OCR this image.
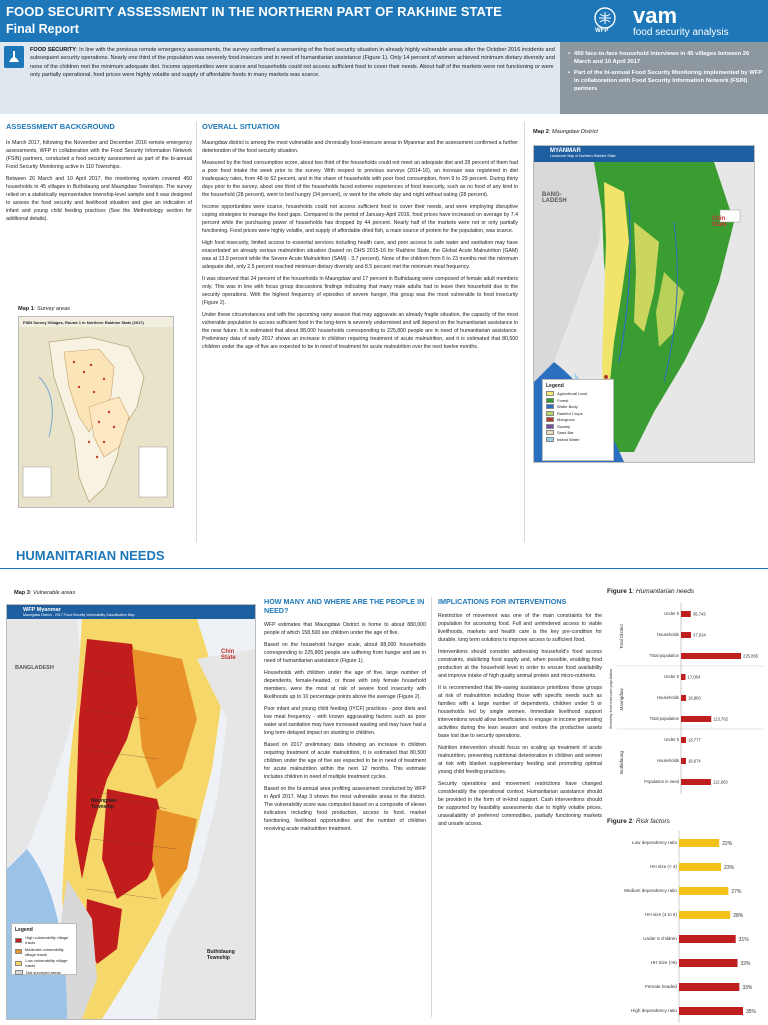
FOOD SECURITY ASSESSMENT IN THE NORTHERN PART OF RAKHINE STATE
Final Report	WFP
vam
food security analysis

FOOD SECURITY: In line with the previous remote emergency assessments, the survey confirmed a worsening of the food security situation in already highly vulnerable areas after the October 2016 incidents and subsequent security operations. Nearly one third of the population was severely food-insecure and in need of humanitarian assistance (Figure 1). Only 14 percent of women achieved minimum dietary diversity and none of the children met the minimum adequate diet. Income opportunities were scarce and households could not access sufficient food to cover their needs. About half of the markets were not functioning or were only partially operational, food prices were highly volatile and supply of affordable foods in many markets was scarce.

• 450 face-to-face household interviews in 45 villages between 26 March and 10 April 2017
• Part of the bi-annual Food Security Monitoring implemented by WFP in collaboration with Food Security Information Network (FSIN) partners
ASSESSMENT BACKGROUND

In March 2017, following the November and December 2016 remote emergency assessments, WFP in collaboration with the Food Security Information Network (FSIN) partners, conducted a food security assessment as part of the bi-annual Food Security Monitoring active in 110 Townships.

Between 26 March and 10 April 2017, the monitoring system covered 450 households in 45 villages in Buthidaung and Maungdaw Townships. The survey relied on a statistically representative township-level sample and it was designed to assess the food security and livelihood situation and give an indication of infant and young child feeding practices (See the Methodology section for additional details).

Map 1: Survey areas
FSIN Survey Villages, Round 1 in Northern Rakhine State (2017)
OVERALL SITUATION

Maungdaw district is among the most vulnerable and chronically food-insecure areas in Myanmar and the assessment confirmed a further deterioration of the food security situation.

Measured by the food consumption score, about two third of the households could not meet an adequate diet and 28 percent of them had a poor food intake the week prior to the survey. With respect to previous surveys (2014-16), an increase was registered in diet inadequacy rates, from 48 to 62 percent, and in the share of households with poor food consumption, from 9 to 29 percent. During thirty days prior to the survey, about one third of the households faced extreme experiences of food insecurity, such as no food of any kind in the household (28 percent), went to bed hungry (34 percent), or went for the whole day and night without eating (28 percent).

Income opportunities were scarce, households could not access sufficient food to cover their needs, and were employing disruptive coping strategies to manage the food gaps. Compared to the period of January-April 2016, food prices have increased on average by 7.4 percent while the purchasing power of households has dropped by 44 percent. Nearly half of the markets were not or only partially functioning. Food prices were highly volatile, and supply of affordable dried fish, a main source of protein for the population, was scarce.

High food insecurity, limited access to essential services including health care, and poor access to safe water and sanitation may have exacerbated an already serious malnutrition situation (based on DHS 2015-16 for Rakhine State, the Global Acute Malnutrition (GAM) was at 13.9 percent while the Severe Acute Malnutrition (SAM) - 3.7 percent). None of the children from 6 to 23 months met the minimum adequate diet, only 2.5 percent reached minimum dietary diversity and 8.5 percent met the minimum meal frequency.

It was observed that 24 percent of the households in Maungdaw and 17 percent in Buthidaung were composed of female adult members only. This was in line with focus group discussions findings indicating that many male adults had to leave their household due to the security operations. With the highest frequency of episodes of severe hunger, this group was the most vulnerable to food insecurity (Figure 2).

Under these circumstances and with the upcoming rainy season that may aggravate an already fragile situation, the capacity of the most vulnerable population to access sufficient food in the long-term is severely undermined and will depend on the humanitarian assistance in the near future. It is estimated that about 88,000 households corresponding to 225,800 people are in need of humanitarian assistance. Preliminary data of early 2017 shows an increase in children requiring treatment of acute malnutrition, and it is estimated that 80,500 children under the age of five are expected to be in need of treatment for acute malnutrition over the next twelve months.

Map 2: Maungdaw District
MYANMAR
Landcover Map of Northern Rakhine State
BANG-
LADESH
Chin
State
Legend
Agricultural Land
Forest
Water Body
Rainfed Crops
Mangrove
Swamp
Sand Bar
Inland Water
HUMANITARIAN NEEDS
Map 3: Vulnerable areas
WFP Myanmar
Maungdaw District - 2017 Food Security Vulnerability Classification Map
BANGLADESH
Chin
State
Maungdaw
Township
Buthidaung
Township
Legend
High vulnerability village tracts
Moderate vulnerability village tracts
Low vulnerability village tracts
Not surveyed areas
HOW MANY AND WHERE ARE THE PEOPLE IN NEED?

WFP estimates that Maungdaw District is home to about 880,000 people of which 158,500 are children under the age of five.

Based on the household hunger scale, about 88,000 households corresponding to 225,800 people are suffering from hunger and are in need of humanitarian assistance (Figure 1).

Households with children under the age of five, large number of dependents, female-headed, or those with only female household members, were the most at risk of severe food insecurity with likelihoods up to 10 percentage points above the average (Figure 2).

Poor infant and young child feeding (IYCF) practices - poor diets and low meal frequency - with known aggravating factors such as poor water and sanitation may have increased wasting and may have had a long term delayed impact on stunting in children.

Based on 2017 preliminary data showing an increase in children requiring treatment of acute malnutrition, it is estimated that 80,500 children under the age of five are expected to be in need of treatment for acute malnutrition within the next 12 months. This estimate includes children in need of multiple treatment cycles.

Based on the bi-annual area profiling assessment conducted by WFP in April 2017, Map 3 shows the most vulnerable areas in the district. The vulnerability score was computed based on a composite of eleven indicators including food production, access to food, market functioning, livelihood opportunities and the number of children receiving acute malnutrition treatment.

IMPLICATIONS FOR INTERVENTIONS

Restriction of movement was one of the main constraints for the population for accessing food. Full and unhindered access to viable livelihoods, markets and health care is the key pre-condition for durable, long term solutions to improve access to sufficient food.

Interventions should consider addressing household's food access constraints, stabilizing food supply and, when possible, enabling food production at the household level in order to ensure food availability and improve intake of high quality animal protein and micro-nutrients.

It is recommended that life-saving assistance prioritizes those groups at risk of malnutrition including those with specific needs such as families with a large number of dependents, children under 5 or households led by single women. Immediate livelihood support interventions would allow beneficiaries to engage in income generating activities during the lean season and restore the productive assets base lost due to security operations.

Nutrition intervention should focus on scaling up treatment of acute malnutrition, preventing nutritional deterioration in children and women at risk with blanket supplementary feeding and promoting optimal young child feeding practices.

Security operations and movement restrictions have changed considerably the operational context. Humanitarian assistance should be provided in the form of in-kind support. Cash interventions should be supported by feasibility assessments due to highly volatile prices, unavailability of preferred commodities, partially functioning markets and unsafe access.

Figure 1: Humanitarian needs
Severely food insecure population
Total District
Maungdaw
Buthidaung
Under 5	36,743
Households	37,634
Total population	225,865
Under 5 17,064
Households 18,960
Total population	113,762
Under 5 18,777
Households 18,674
Population in need	112,663
Figure 2: Risk factors
Low dependency ratio	22%
HH size (< 4)	23%
Medium dependency ratio	27%
HH size (4 to 6)	28%
Under 5 children	31%
HH Size (>6)	32%
Female headed	33%
High dependency ratio	35%
